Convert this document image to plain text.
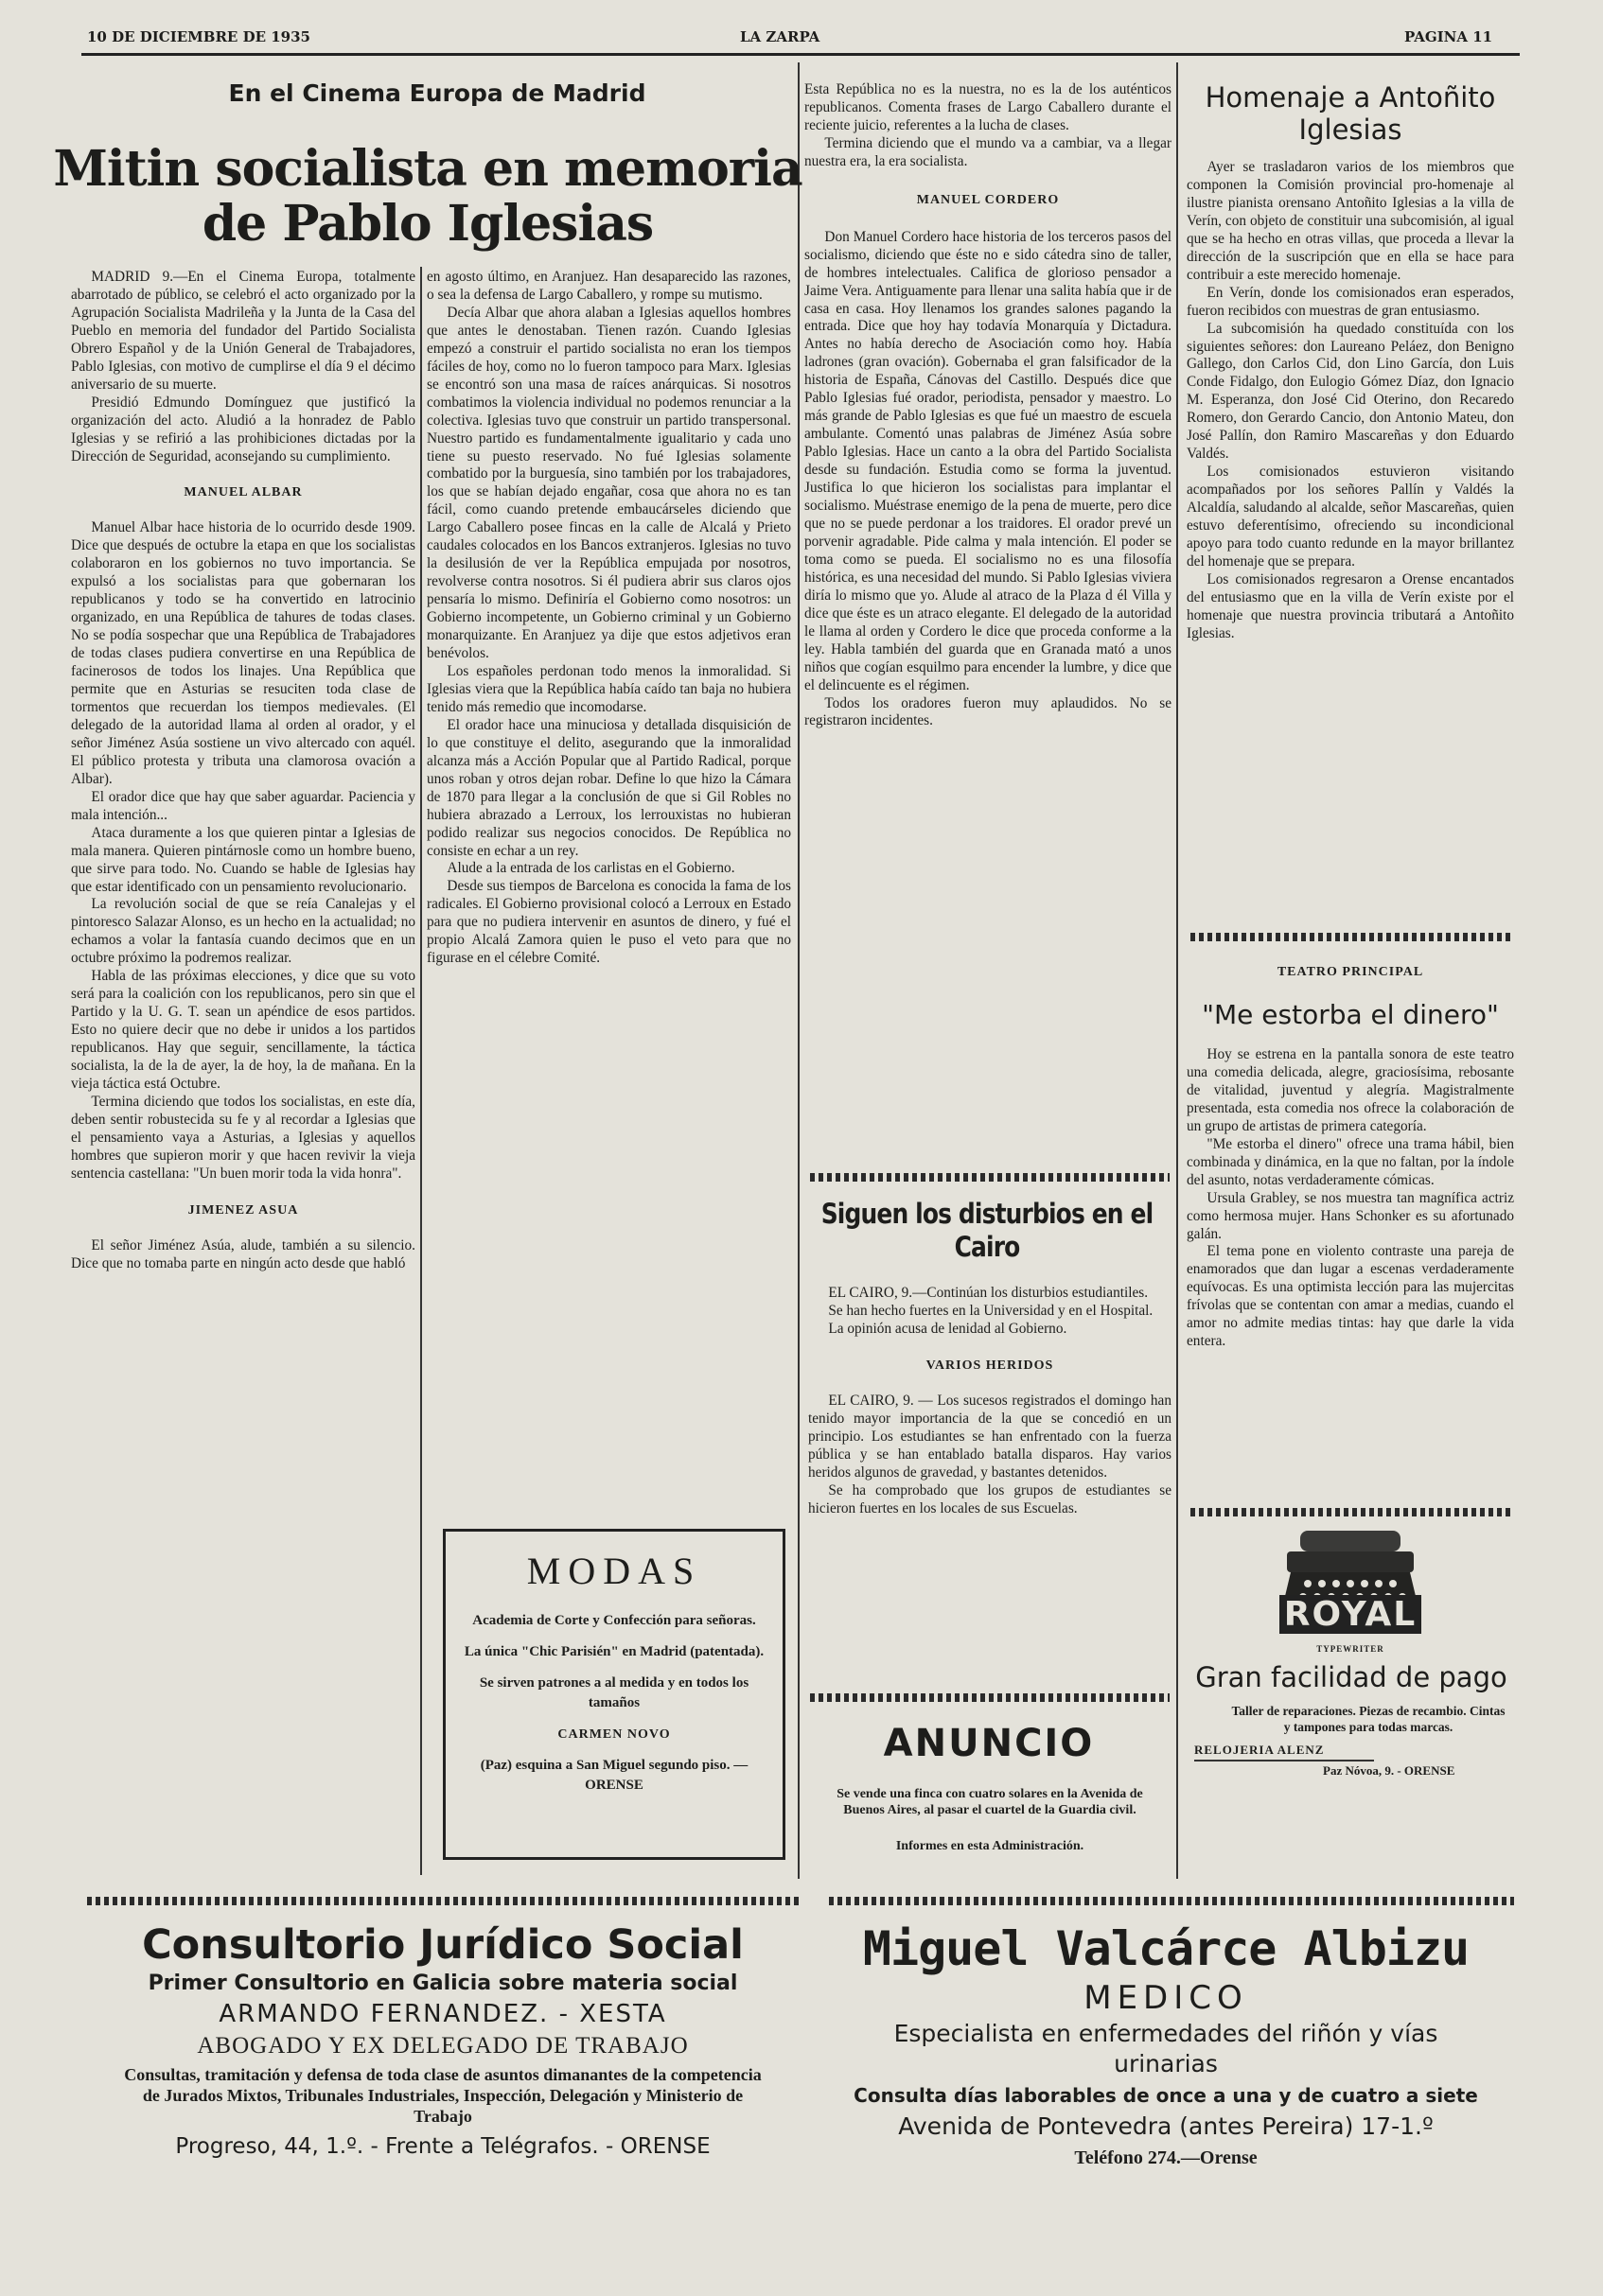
10 DE DICIEMBRE DE 1935	LA ZARPA	PAGINA 11
En el Cinema Europa de Madrid
Mitin socialista en memoria de Pablo Iglesias

MADRID 9.—En el Cinema Europa, totalmente abarrotado de público, se celebró el acto organizado por la Agrupación Socialista Madrileña y la Junta de la Casa del Pueblo en memoria del fundador del Partido Socialista Obrero Español y de la Unión General de Trabajadores, Pablo Iglesias, con motivo de cumplirse el día 9 el décimo aniversario de su muerte.

Presidió Edmundo Domínguez que justificó la organización del acto. Aludió a la honradez de Pablo Iglesias y se refirió a las prohibiciones dictadas por la Dirección de Seguridad, aconsejando su cumplimiento.

MANUEL ALBAR

Manuel Albar hace historia de lo ocurrido desde 1909. Dice que después de octubre la etapa en que los socialistas colaboraron en los gobiernos no tuvo importancia. Se expulsó a los socialistas para que gobernaran los republicanos y todo se ha convertido en latrocinio organizado, en una República de tahures de todas clases. No se podía sospechar que una República de Trabajadores de todas clases pudiera convertirse en una República de facinerosos de todos los linajes. Una República que permite que en Asturias se resuciten toda clase de tormentos que recuerdan los tiempos medievales. (El delegado de la autoridad llama al orden al orador, y el señor Jiménez Asúa sostiene un vivo altercado con aquél. El público protesta y tributa una clamorosa ovación a Albar).

El orador dice que hay que saber aguardar. Paciencia y mala intención...

Ataca duramente a los que quieren pintar a Iglesias de mala manera. Quieren pintárnosle como un hombre bueno, que sirve para todo. No. Cuando se hable de Iglesias hay que estar identificado con un pensamiento revolucionario.

La revolución social de que se reía Canalejas y el pintoresco Salazar Alonso, es un hecho en la actualidad; no echamos a volar la fantasía cuando decimos que en un octubre próximo la podremos realizar.

Habla de las próximas elecciones, y dice que su voto será para la coalición con los republicanos, pero sin que el Partido y la U. G. T. sean un apéndice de esos partidos. Esto no quiere decir que no debe ir unidos a los partidos republicanos. Hay que seguir, sencillamente, la táctica socialista, la de la de ayer, la de hoy, la de mañana. En la vieja táctica está Octubre.

Termina diciendo que todos los socialistas, en este día, deben sentir robustecida su fe y al recordar a Iglesias que el pensamiento vaya a Asturias, a Iglesias y aquellos hombres que supieron morir y que hacen revivir la vieja sentencia castellana: "Un buen morir toda la vida honra".

JIMENEZ ASUA

El señor Jiménez Asúa, alude, también a su silencio. Dice que no tomaba parte en ningún acto desde que habló

en agosto último, en Aranjuez. Han desaparecido las razones, o sea la defensa de Largo Caballero, y rompe su mutismo.

Decía Albar que ahora alaban a Iglesias aquellos hombres que antes le denostaban. Tienen razón. Cuando Iglesias empezó a construir el partido socialista no eran los tiempos fáciles de hoy, como no lo fueron tampoco para Marx. Iglesias se encontró son una masa de raíces anárquicas. Si nosotros combatimos la violencia individual no podemos renunciar a la colectiva. Iglesias tuvo que construir un partido transpersonal. Nuestro partido es fundamentalmente igualitario y cada uno tiene su puesto reservado. No fué Iglesias solamente combatido por la burguesía, sino también por los trabajadores, los que se habían dejado engañar, cosa que ahora no es tan fácil, como cuando pretende embaucárseles diciendo que Largo Caballero posee fincas en la calle de Alcalá y Prieto caudales colocados en los Bancos extranjeros. Iglesias no tuvo la desilusión de ver la República empujada por nosotros, revolverse contra nosotros. Si él pudiera abrir sus claros ojos pensaría lo mismo. Definiría el Gobierno como nosotros: un Gobierno incompetente, un Gobierno criminal y un Gobierno monarquizante. En Aranjuez ya dije que estos adjetivos eran benévolos.

Los españoles perdonan todo menos la inmoralidad. Si Iglesias viera que la República había caído tan baja no hubiera tenido más remedio que incomodarse.

El orador hace una minuciosa y detallada disquisición de lo que constituye el delito, asegurando que la inmoralidad alcanza más a Acción Popular que al Partido Radical, porque unos roban y otros dejan robar. Define lo que hizo la Cámara de 1870 para llegar a la conclusión de que si Gil Robles no hubiera abrazado a Lerroux, los lerrouxistas no hubieran podido realizar sus negocios conocidos. De República no consiste en echar a un rey.

Alude a la entrada de los carlistas en el Gobierno.

Desde sus tiempos de Barcelona es conocida la fama de los radicales. El Gobierno provisional colocó a Lerroux en Estado para que no pudiera intervenir en asuntos de dinero, y fué el propio Alcalá Zamora quien le puso el veto para que no figurase en el célebre Comité.

MODAS
Academia de Corte y Confección para señoras.
La única "Chic Parisién" en Madrid (patentada).
Se sirven patrones a al medida y en todos los tamaños
CARMEN NOVO
(Paz) esquina a San Miguel segundo piso. — ORENSE

Esta República no es la nuestra, no es la de los auténticos republicanos. Comenta frases de Largo Caballero durante el reciente juicio, referentes a la lucha de clases.

Termina diciendo que el mundo va a cambiar, va a llegar nuestra era, la era socialista.

MANUEL CORDERO

Don Manuel Cordero hace historia de los terceros pasos del socialismo, diciendo que éste no e sido cátedra sino de taller, de hombres intelectuales. Califica de glorioso pensador a Jaime Vera. Antiguamente para llenar una salita había que ir de casa en casa. Hoy llenamos los grandes salones pagando la entrada. Dice que hoy hay todavía Monarquía y Dictadura. Antes no había derecho de Asociación como hoy. Había ladrones (gran ovación). Gobernaba el gran falsificador de la historia de España, Cánovas del Castillo. Después dice que Pablo Iglesias fué orador, periodista, pensador y maestro. Lo más grande de Pablo Iglesias es que fué un maestro de escuela ambulante. Comentó unas palabras de Jiménez Asúa sobre Pablo Iglesias. Hace un canto a la obra del Partido Socialista desde su fundación. Estudia como se forma la juventud. Justifica lo que hicieron los socialistas para implantar el socialismo. Muéstrase enemigo de la pena de muerte, pero dice que no se puede perdonar a los traidores. El orador prevé un porvenir agradable. Pide calma y mala intención. El poder se toma como se pueda. El socialismo no es una filosofía histórica, es una necesidad del mundo. Si Pablo Iglesias viviera diría lo mismo que yo. Alude al atraco de la Plaza d él Villa y dice que éste es un atraco elegante. El delegado de la autoridad le llama al orden y Cordero le dice que proceda conforme a la ley. Habla también del guarda que en Granada mató a unos niños que cogían esquilmo para encender la lumbre, y dice que el delincuente es el régimen.

Todos los oradores fueron muy aplaudidos. No se registraron incidentes.

Siguen los disturbios en el Cairo

EL CAIRO, 9.—Continúan los disturbios estudiantiles.

Se han hecho fuertes en la Universidad y en el Hospital.

La opinión acusa de lenidad al Gobierno.

VARIOS HERIDOS

EL CAIRO, 9. — Los sucesos registrados el domingo han tenido mayor importancia de la que se concedió en un principio. Los estudiantes se han enfrentado con la fuerza pública y se han entablado batalla disparos. Hay varios heridos algunos de gravedad, y bastantes detenidos.

Se ha comprobado que los grupos de estudiantes se hicieron fuertes en los locales de sus Escuelas.

ANUNCIO
Se vende una finca con cuatro solares en la Avenida de Buenos Aires, al pasar el cuartel de la Guardia civil.
Informes en esta Administración.
Homenaje a Antoñito Iglesias

Ayer se trasladaron varios de los miembros que componen la Comisión provincial pro-homenaje al ilustre pianista orensano Antoñito Iglesias a la villa de Verín, con objeto de constituir una subcomisión, al igual que se ha hecho en otras villas, que proceda a llevar la dirección de la suscripción que en ella se hace para contribuir a este merecido homenaje.

En Verín, donde los comisionados eran esperados, fueron recibidos con muestras de gran entusiasmo.

La subcomisión ha quedado constituída con los siguientes señores: don Laureano Peláez, don Benigno Gallego, don Carlos Cid, don Lino García, don Luis Conde Fidalgo, don Eulogio Gómez Díaz, don Ignacio M. Esperanza, don José Cid Oterino, don Recaredo Romero, don Gerardo Cancio, don Antonio Mateu, don José Pallín, don Ramiro Mascareñas y don Eduardo Valdés.

Los comisionados estuvieron visitando acompañados por los señores Pallín y Valdés la Alcaldía, saludando al alcalde, señor Mascareñas, quien estuvo deferentísimo, ofreciendo su incondicional apoyo para todo cuanto redunde en la mayor brillantez del homenaje que se prepara.

Los comisionados regresaron a Orense encantados del entusiasmo que en la villa de Verín existe por el homenaje que nuestra provincia tributará a Antoñito Iglesias.

TEATRO PRINCIPAL
"Me estorba el dinero"

Hoy se estrena en la pantalla sonora de este teatro una comedia delicada, alegre, graciosísima, rebosante de vitalidad, juventud y alegría. Magistralmente presentada, esta comedia nos ofrece la colaboración de un grupo de artistas de primera categoría.

"Me estorba el dinero" ofrece una trama hábil, bien combinada y dinámica, en la que no faltan, por la índole del asunto, notas verdaderamente cómicas.

Ursula Grabley, se nos muestra tan magnífica actriz como hermosa mujer. Hans Schonker es su afortunado galán.

El tema pone en violento contraste una pareja de enamorados que dan lugar a escenas verdaderamente equívocas. Es una optimista lección para las mujercitas frívolas que se contentan con amar a medias, cuando el amor no admite medias tintas: hay que darle la vida entera.

ROYAL
TYPEWRITER
Gran facilidad de pago
Taller de reparaciones. Piezas de recambio. Cintas y tampones para todas marcas.
RELOJERIA ALENZ
Paz Nóvoa, 9. - ORENSE
Consultorio Jurídico Social
Primer Consultorio en Galicia sobre materia social
ARMANDO FERNANDEZ. - XESTA
ABOGADO Y EX DELEGADO DE TRABAJO
Consultas, tramitación y defensa de toda clase de asuntos dimanantes de la competencia de Jurados Mixtos, Tribunales Industriales, Inspección, Delegación y Ministerio de Trabajo
Progreso, 44, 1.º. - Frente a Telégrafos. - ORENSE
Miguel Valcárce Albizu
MEDICO
Especialista en enfermedades del riñón y vías urinarias
Consulta días laborables de once a una y de cuatro a siete
Avenida de Pontevedra (antes Pereira) 17-1.º
Teléfono 274.—Orense
